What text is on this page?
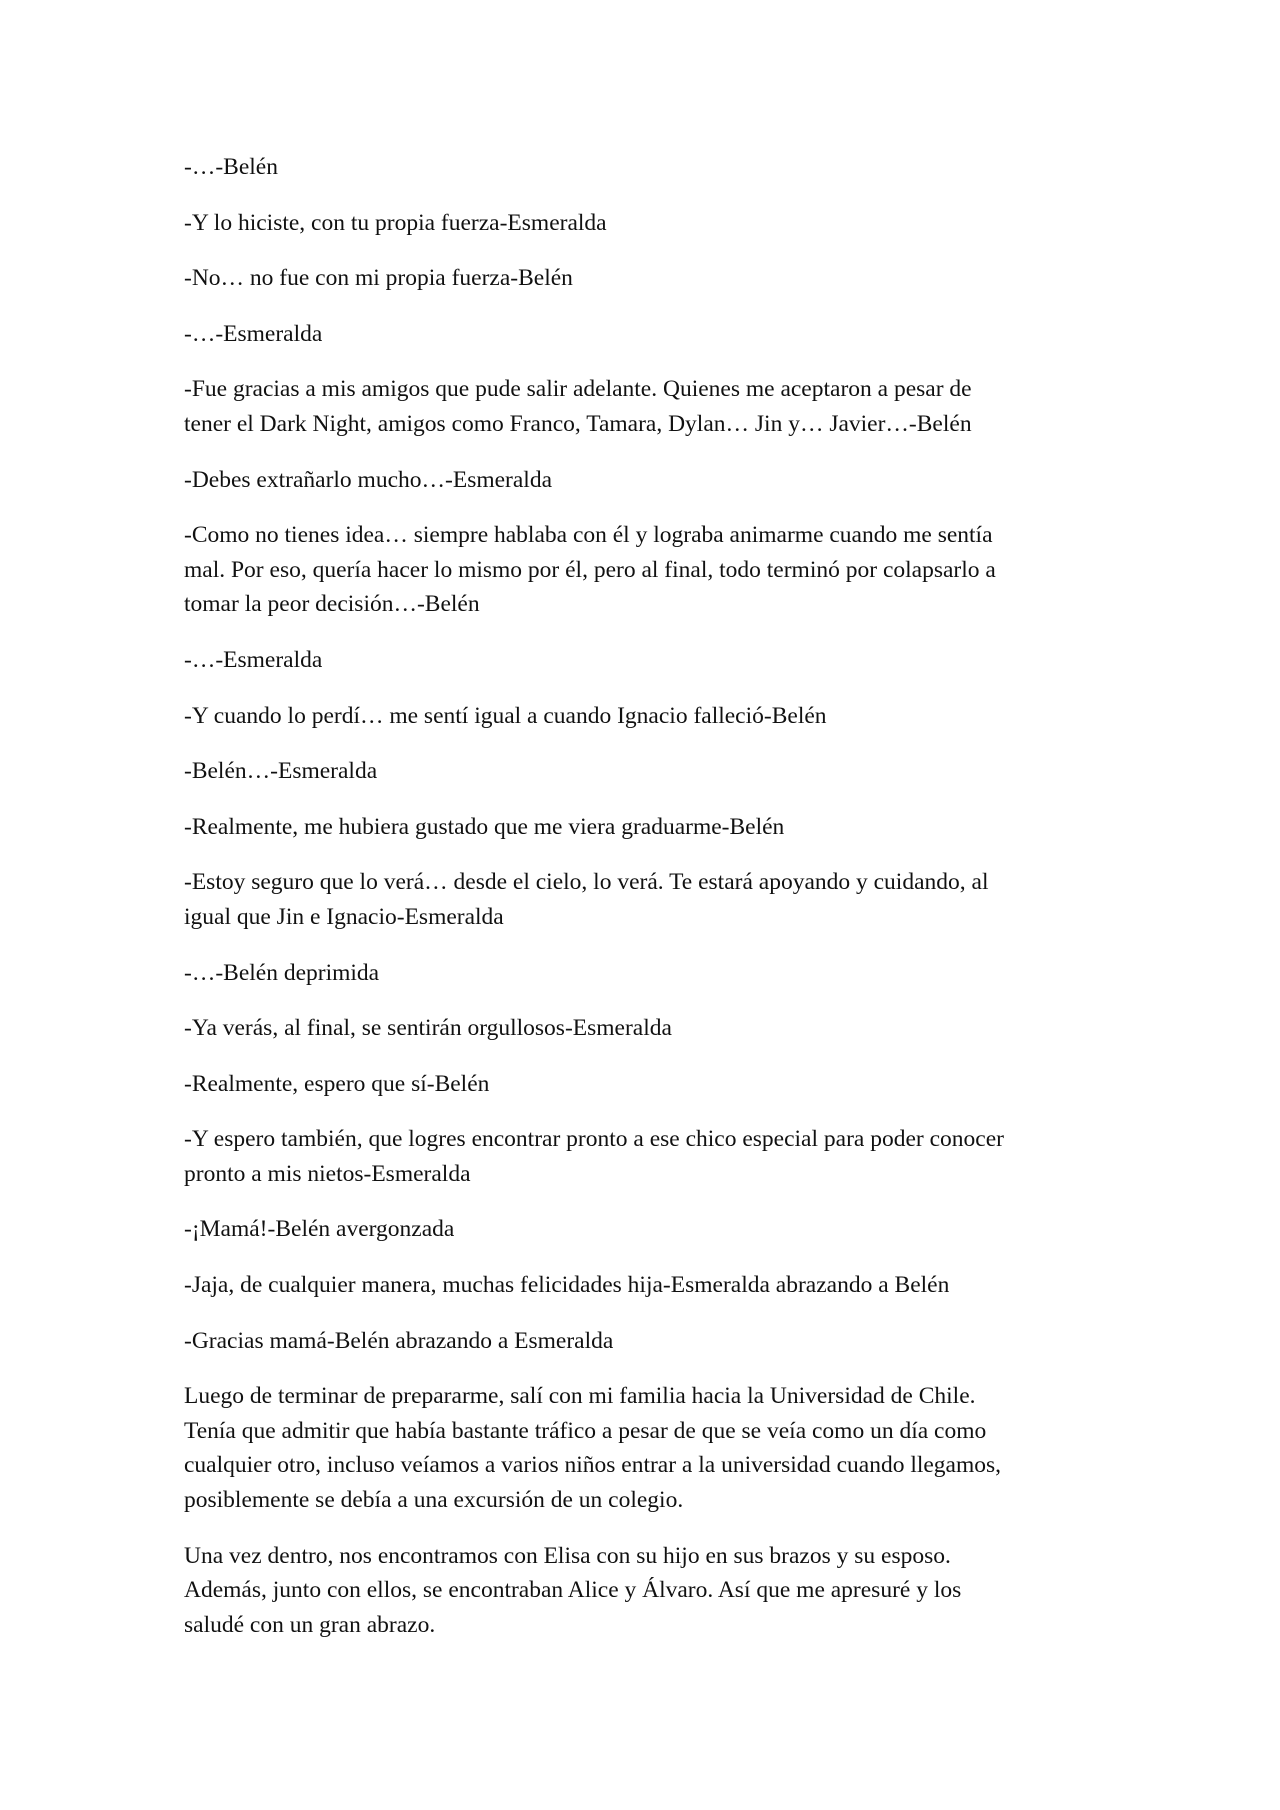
-…-Belén

-Y lo hiciste, con tu propia fuerza-Esmeralda

-No… no fue con mi propia fuerza-Belén

-…-Esmeralda

-Fue gracias a mis amigos que pude salir adelante. Quienes me aceptaron a pesar de
tener el Dark Night, amigos como Franco, Tamara, Dylan… Jin y… Javier…-Belén

-Debes extrañarlo mucho…-Esmeralda

-Como no tienes idea… siempre hablaba con él y lograba animarme cuando me sentía
mal. Por eso, quería hacer lo mismo por él, pero al final, todo terminó por colapsarlo a
tomar la peor decisión…-Belén

-…-Esmeralda

-Y cuando lo perdí… me sentí igual a cuando Ignacio falleció-Belén

-Belén…-Esmeralda

-Realmente, me hubiera gustado que me viera graduarme-Belén

-Estoy seguro que lo verá… desde el cielo, lo verá. Te estará apoyando y cuidando, al
igual que Jin e Ignacio-Esmeralda

-…-Belén deprimida

-Ya verás, al final, se sentirán orgullosos-Esmeralda

-Realmente, espero que sí-Belén

-Y espero también, que logres encontrar pronto a ese chico especial para poder conocer
pronto a mis nietos-Esmeralda

-¡Mamá!-Belén avergonzada

-Jaja, de cualquier manera, muchas felicidades hija-Esmeralda abrazando a Belén

-Gracias mamá-Belén abrazando a Esmeralda

Luego de terminar de prepararme, salí con mi familia hacia la Universidad de Chile.
Tenía que admitir que había bastante tráfico a pesar de que se veía como un día como
cualquier otro, incluso veíamos a varios niños entrar a la universidad cuando llegamos,
posiblemente se debía a una excursión de un colegio.

Una vez dentro, nos encontramos con Elisa con su hijo en sus brazos y su esposo.
Además, junto con ellos, se encontraban Alice y Álvaro. Así que me apresuré y los
saludé con un gran abrazo.
